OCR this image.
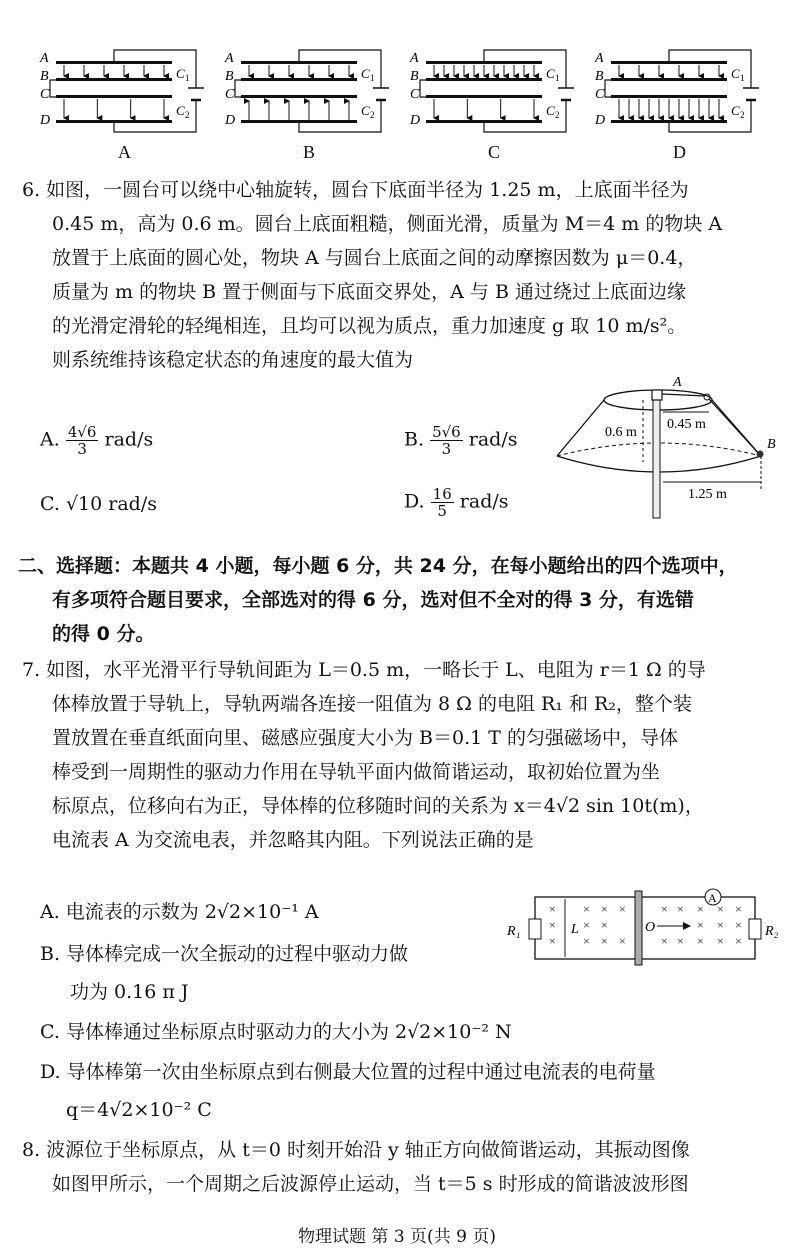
A
B
C
D
C 1
C 2
A
B
C
D
C 1
C 2
A
B
C
D
C 1
C 2
A
B
C
D
C 1
C 2
A	B	C	D
6. 如图，一圆台可以绕中心轴旋转，圆台下底面半径为 1.25 m，上底面半径为
0.45 m，高为 0.6 m。圆台上底面粗糙，侧面光滑，质量为 M＝4 m 的物块 A
放置于上底面的圆心处，物块 A 与圆台上底面之间的动摩擦因数为 μ＝0.4，
质量为 m 的物块 B 置于侧面与下底面交界处，A 与 B 通过绕过上底面边缘
的光滑定滑轮的轻绳相连，且均可以视为质点，重力加速度 g 取 10 m/s²。
则系统维持该稳定状态的角速度的最大值为
A. $\frac{4√6}{3} rad/s$	B. $\frac{5√6}{3} rad/s$
C. √10 rad/s	D. $\frac{16}{5} rad/s$
A
B
0.6 m
0.45 m
1.25 m
二、选择题：本题共 4 小题，每小题 6 分，共 24 分，在每小题给出的四个选项中，
有多项符合题目要求，全部选对的得 6 分，选对但不全对的得 3 分，有选错
的得 0 分。
7. 如图，水平光滑平行导轨间距为 L＝0.5 m，一略长于 L、电阻为 r＝1 Ω 的导
体棒放置于导轨上，导轨两端各连接一阻值为 8 Ω 的电阻 R₁ 和 R₂，整个装
置放置在垂直纸面向里、磁感应强度大小为 B＝0.1 T 的匀强磁场中，导体
棒受到一周期性的驱动力作用在导轨平面内做简谐运动，取初始位置为坐
标原点，位移向右为正，导体棒的位移随时间的关系为 x＝4√2 sin 10t(m)，
电流表 A 为交流电表，并忽略其内阻。下列说法正确的是
A. 电流表的示数为 2√2×10⁻¹ A
B. 导体棒完成一次全振动的过程中驱动力做
功为 0.16 π J
C. 导体棒通过坐标原点时驱动力的大小为 2√2×10⁻² N
D. 导体棒第一次由坐标原点到右侧最大位置的过程中通过电流表的电荷量
q＝4√2×10⁻² C
×
×
×
×
×
×
×
×
×
×
×
×
×
×
×
×
×
×
×
×
×
×
×
×
R₁	R₂
L	O
A
8. 波源位于坐标原点，从 t＝0 时刻开始沿 y 轴正方向做简谐运动，其振动图像
如图甲所示，一个周期之后波源停止运动，当 t＝5 s 时形成的简谐波波形图
物理试题 第 3 页(共 9 页)
